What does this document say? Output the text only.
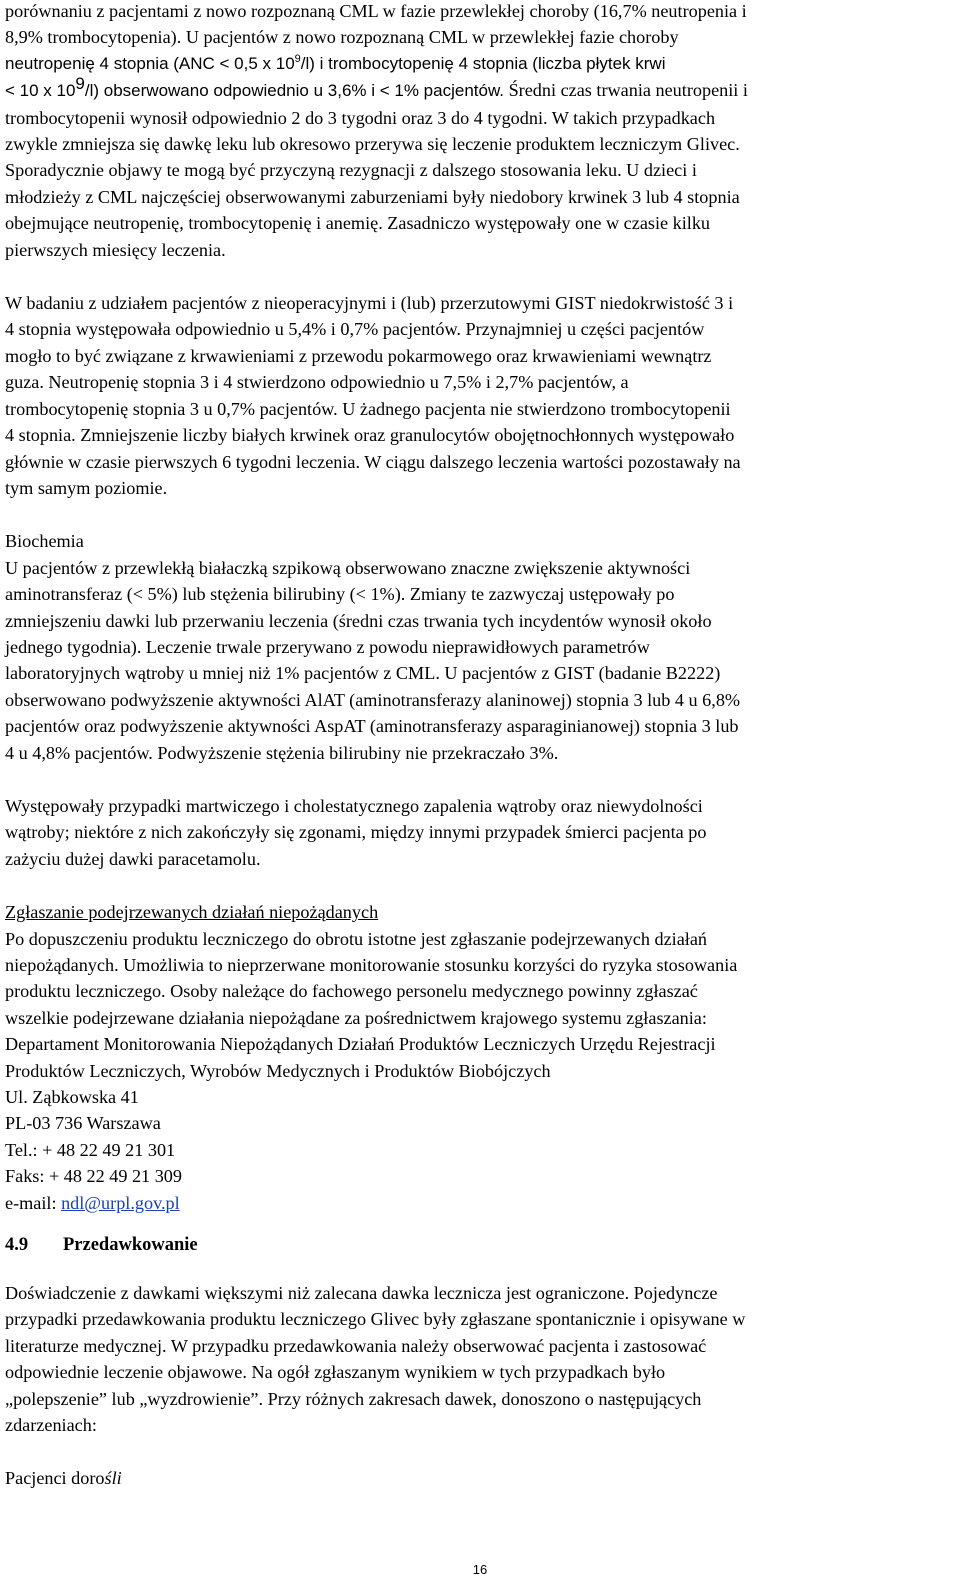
porównaniu z pacjentami z nowo rozpoznaną CML w fazie przewlekłej choroby (16,7% neutropenia i
8,9% trombocytopenia). U pacjentów z nowo rozpoznaną CML w przewlekłej fazie choroby
neutropenię 4 stopnia (ANC < 0,5 x $10^9/l$) i trombocytopenię 4 stopnia (liczba płytek krwi
< 10 x $10^9/l$) obserwowano odpowiednio u 3,6% i < 1% pacjentów. Średni czas trwania neutropenii i
trombocytopenii wynosił odpowiednio 2 do 3 tygodni oraz 3 do 4 tygodni. W takich przypadkach
zwykle zmniejsza się dawkę leku lub okresowo przerywa się leczenie produktem leczniczym Glivec.
Sporadycznie objawy te mogą być przyczyną rezygnacji z dalszego stosowania leku. U dzieci i
młodzieży z CML najczęściej obserwowanymi zaburzeniami były niedobory krwinek 3 lub 4 stopnia
obejmujące neutropenię, trombocytopenię i anemię. Zasadniczo występowały one w czasie kilku
pierwszych miesięcy leczenia.
W badaniu z udziałem pacjentów z nieoperacyjnymi i (lub) przerzutowymi GIST niedokrwistość 3 i
4 stopnia występowała odpowiednio u 5,4% i 0,7% pacjentów. Przynajmniej u części pacjentów
mogło to być związane z krwawieniami z przewodu pokarmowego oraz krwawieniami wewnątrz
guza. Neutropenię stopnia 3 i 4 stwierdzono odpowiednio u 7,5% i 2,7% pacjentów, a
trombocytopenię stopnia 3 u 0,7% pacjentów. U żadnego pacjenta nie stwierdzono trombocytopenii
4 stopnia. Zmniejszenie liczby białych krwinek oraz granulocytów obojętnochłonnych występowało
głównie w czasie pierwszych 6 tygodni leczenia. W ciągu dalszego leczenia wartości pozostawały na
tym samym poziomie.
Biochemia
U pacjentów z przewlekłą białaczką szpikową obserwowano znaczne zwiększenie aktywności
aminotransferaz (< 5%) lub stężenia bilirubiny (< 1%). Zmiany te zazwyczaj ustępowały po
zmniejszeniu dawki lub przerwaniu leczenia (średni czas trwania tych incydentów wynosił około
jednego tygodnia). Leczenie trwale przerywano z powodu nieprawidłowych parametrów
laboratoryjnych wątroby u mniej niż 1% pacjentów z CML. U pacjentów z GIST (badanie B2222)
obserwowano podwyższenie aktywności AlAT (aminotransferazy alaninowej) stopnia 3 lub 4 u 6,8%
pacjentów oraz podwyższenie aktywności AspAT (aminotransferazy asparaginianowej) stopnia 3 lub
4 u 4,8% pacjentów. Podwyższenie stężenia bilirubiny nie przekraczało 3%.
Występowały przypadki martwiczego i cholestatycznego zapalenia wątroby oraz niewydolności
wątroby; niektóre z nich zakończyły się zgonami, między innymi przypadek śmierci pacjenta po
zażyciu dużej dawki paracetamolu.
Zgłaszanie podejrzewanych działań niepożądanych
Po dopuszczeniu produktu leczniczego do obrotu istotne jest zgłaszanie podejrzewanych działań
niepożądanych. Umożliwia to nieprzerwane monitorowanie stosunku korzyści do ryzyka stosowania
produktu leczniczego. Osoby należące do fachowego personelu medycznego powinny zgłaszać
wszelkie podejrzewane działania niepożądane za pośrednictwem krajowego systemu zgłaszania:
Departament Monitorowania Niepożądanych Działań Produktów Leczniczych Urzędu Rejestracji
Produktów Leczniczych, Wyrobów Medycznych i Produktów Biobójczych
Ul. Ząbkowska 41
PL-03 736 Warszawa
Tel.: + 48 22 49 21 301
Faks: + 48 22 49 21 309
e-mail: ndl@urpl.gov.pl
4.9	Przedawkowanie
Doświadczenie z dawkami większymi niż zalecana dawka lecznicza jest ograniczone. Pojedyncze
przypadki przedawkowania produktu leczniczego Glivec były zgłaszane spontanicznie i opisywane w
literaturze medycznej. W przypadku przedawkowania należy obserwować pacjenta i zastosować
odpowiednie leczenie objawowe. Na ogół zgłaszanym wynikiem w tych przypadkach było
„polepszenie” lub „wyzdrowienie”. Przy różnych zakresach dawek, donoszono o następujących
zdarzeniach:
Pacjenci dorośli
16
